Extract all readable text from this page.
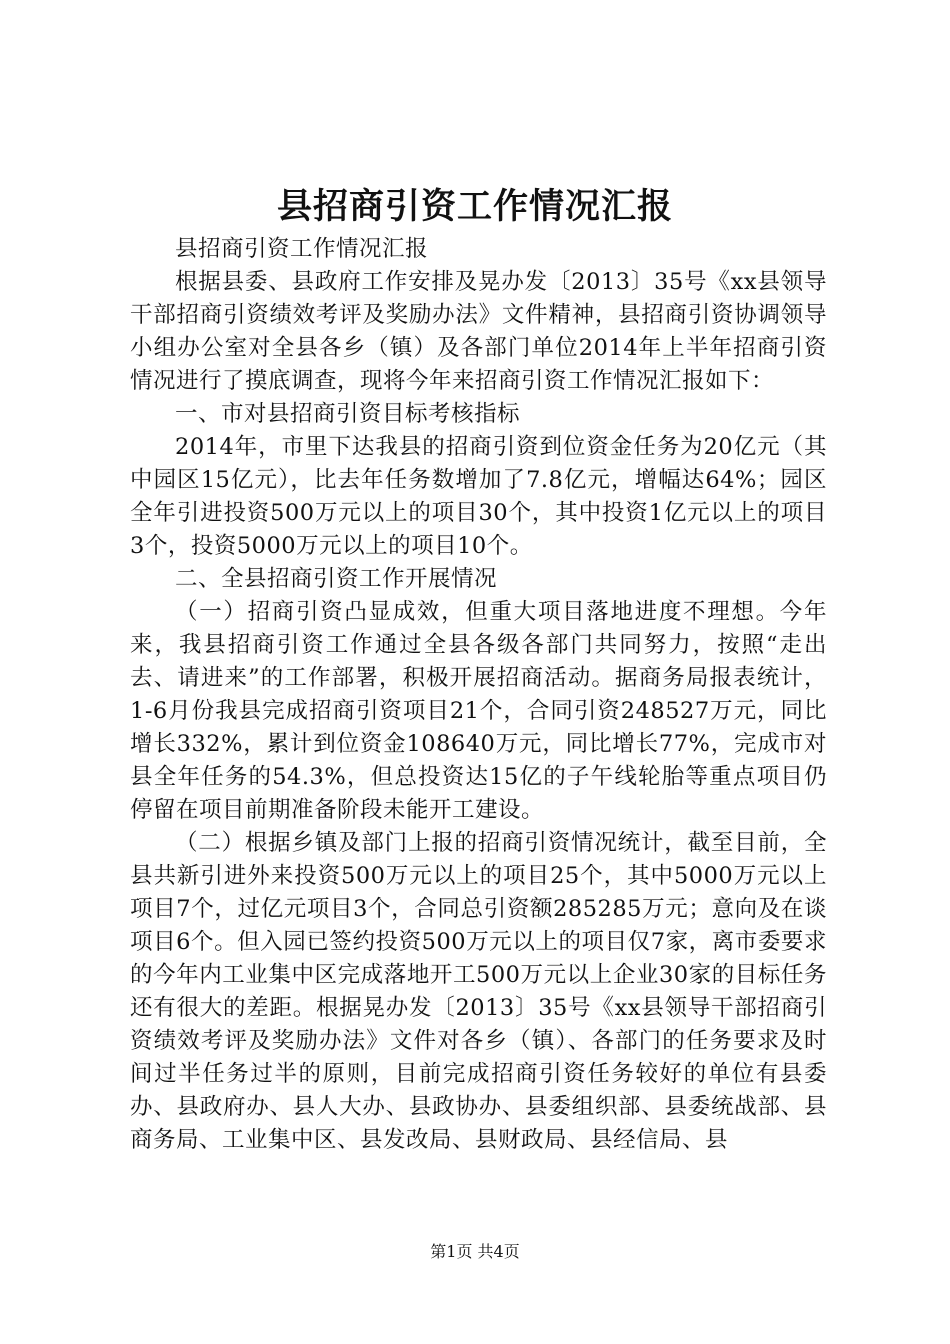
县招商引资工作情况汇报

县招商引资工作情况汇报

根据县委、县政府工作安排及晃办发〔2013〕35号《xx县领导干部招商引资绩效考评及奖励办法》文件精神，县招商引资协调领导小组办公室对全县各乡（镇）及各部门单位2014年上半年招商引资情况进行了摸底调查，现将今年来招商引资工作情况汇报如下：

一、市对县招商引资目标考核指标

2014年，市里下达我县的招商引资到位资金任务为20亿元（其中园区15亿元），比去年任务数增加了7.8亿元，增幅达64%；园区全年引进投资500万元以上的项目30个，其中投资1亿元以上的项目3个，投资5000万元以上的项目10个。

二、全县招商引资工作开展情况

（一）招商引资凸显成效，但重大项目落地进度不理想。今年来，我县招商引资工作通过全县各级各部门共同努力，按照“走出去、请进来”的工作部署，积极开展招商活动。据商务局报表统计，1-6月份我县完成招商引资项目21个，合同引资248527万元，同比增长332%，累计到位资金108640万元，同比增长77%，完成市对县全年任务的54.3%，但总投资达15亿的子午线轮胎等重点项目仍停留在项目前期准备阶段未能开工建设。

（二）根据乡镇及部门上报的招商引资情况统计，截至目前，全县共新引进外来投资500万元以上的项目25个，其中5000万元以上项目7个，过亿元项目3个，合同总引资额285285万元；意向及在谈项目6个。但入园已签约投资500万元以上的项目仅7家，离市委要求的今年内工业集中区完成落地开工500万元以上企业30家的目标任务还有很大的差距。根据晃办发〔2013〕35号《xx县领导干部招商引资绩效考评及奖励办法》文件对各乡（镇）、各部门的任务要求及时间过半任务过半的原则，目前完成招商引资任务较好的单位有县委办、县政府办、县人大办、县政协办、县委组织部、县委统战部、县商务局、工业集中区、县发改局、县财政局、县经信局、县

第1页 共4页
